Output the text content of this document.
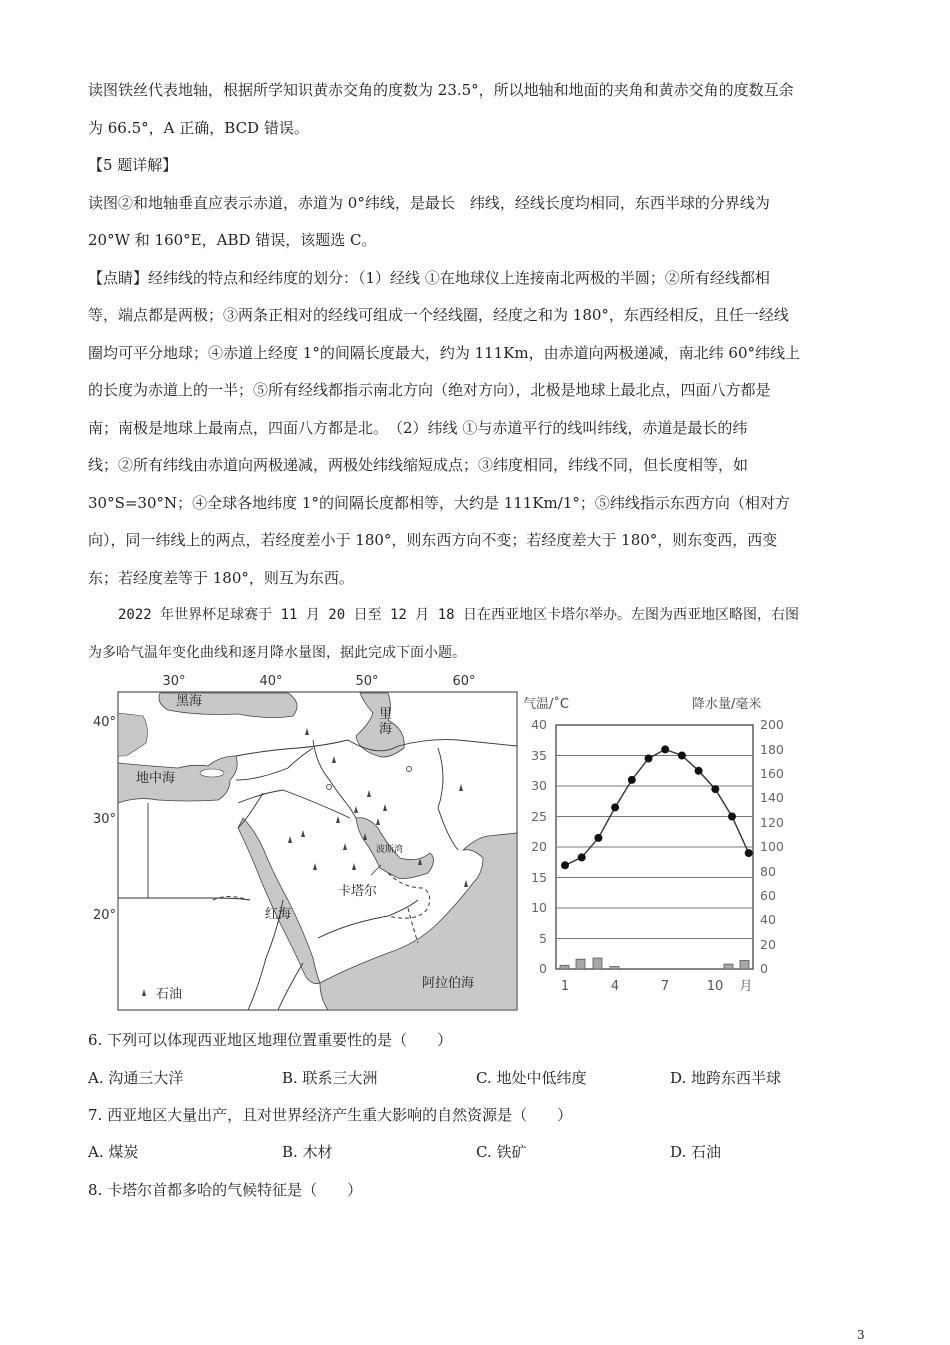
读图铁丝代表地轴，根据所学知识黄赤交角的度数为 23.5°，所以地轴和地面的夹角和黄赤交角的度数互余
为 66.5°，A 正确，BCD 错误。
【5 题详解】
读图②和地轴垂直应表示赤道，赤道为 0°纬线，是最长　纬线，经线长度均相同，东西半球的分界线为
20°W 和 160°E，ABD 错误，该题选 C。
【点睛】经纬线的特点和经纬度的划分：（1）经线 ①在地球仪上连接南北两极的半圆；②所有经线都相
等，端点都是两极；③两条正相对的经线可组成一个经线圈，经度之和为 180°，东西经相反，且任一经线
圈均可平分地球；④赤道上经度 1°的间隔长度最大，约为 111Km，由赤道向两极递减，南北纬 60°纬线上
的长度为赤道上的一半；⑤所有经线都指示南北方向（绝对方向），北极是地球上最北点，四面八方都是
南；南极是地球上最南点，四面八方都是北。　（2）纬线 ①与赤道平行的线叫纬线，赤道是最长的纬
线；②所有纬线由赤道向两极递减，两极处纬线缩短成点；③纬度相同，纬线不同，但长度相等，如
30°S=30°N；④全球各地纬度 1°的间隔长度都相等，大约是 111Km/1°；⑤纬线指示东西方向（相对方
向），同一纬线上的两点，若经度差小于 180°，则东西方向不变；若经度差大于 180°，则东变西，西变
东；若经度差等于 180°，则互为东西。
2022 年世界杯足球赛于 11 月 20 日至 12 月 18 日在西亚地区卡塔尔举办。左图为西亚地区略图，右图
为多哈气温年变化曲线和逐月降水量图，据此完成下面小题。
30°	40°	50°	60°
40°
30°
20°
黑海
里
海
地中海
波斯湾
卡塔尔
红海
阿拉伯海
石油
气温/˚C	降水量/毫米
40
35
30
25
20
15
10
5
0
200
180
160
140
120
100
80
60
40
20
0
1	4	7	10 月
6. 下列可以体现西亚地区地理位置重要性的是（　　）
A. 沟通三大洋	B. 联系三大洲	C. 地处中低纬度	D. 地跨东西半球
7. 西亚地区大量出产，且对世界经济产生重大影响的自然资源是（　　）
A. 煤炭	B. 木材	C. 铁矿	D. 石油
8. 卡塔尔首都多哈的气候特征是（　　）
3
